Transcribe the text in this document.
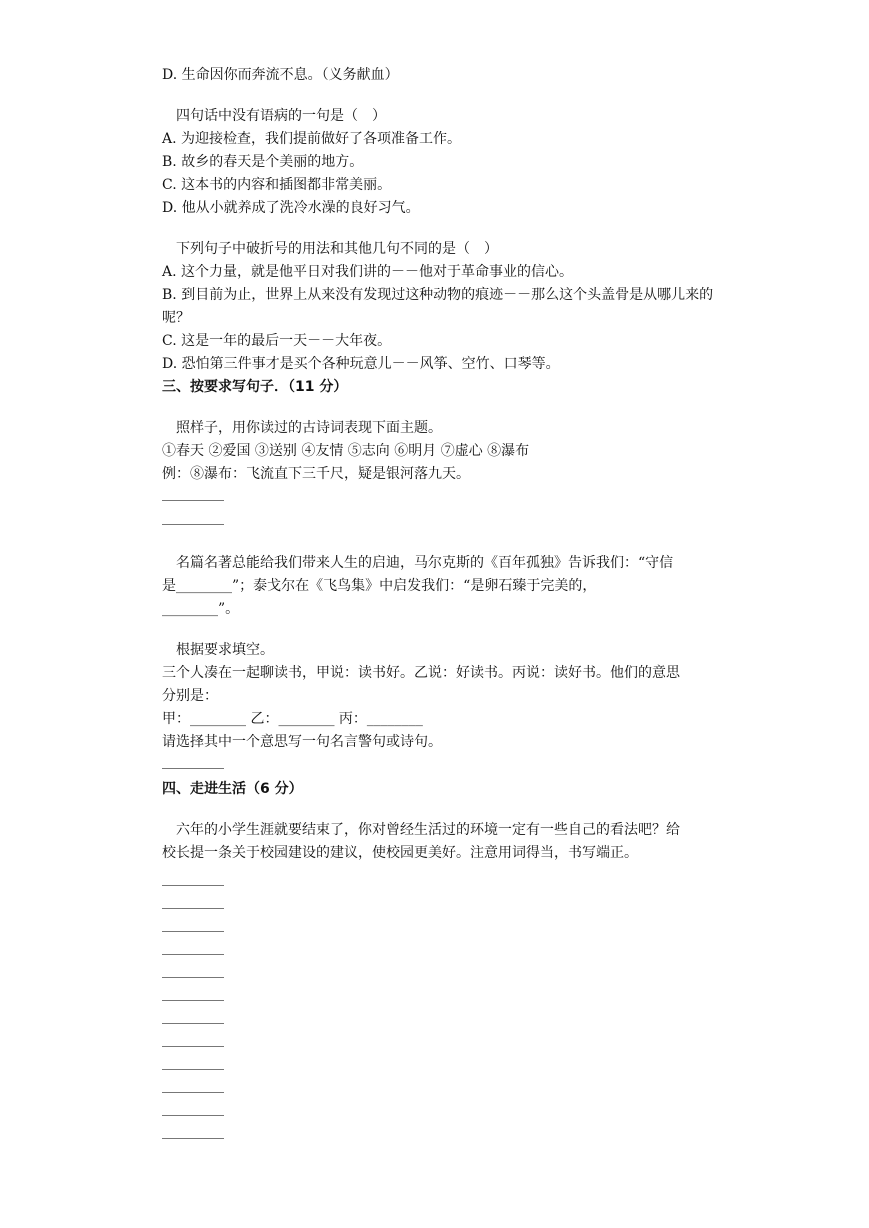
D. 生命因你而奔流不息。（义务献血）
四句话中没有语病的一句是（　）
A. 为迎接检查，我们提前做好了各项准备工作。
B. 故乡的春天是个美丽的地方。
C. 这本书的内容和插图都非常美丽。
D. 他从小就养成了洗冷水澡的良好习气。
下列句子中破折号的用法和其他几句不同的是（　）
A. 这个力量，就是他平日对我们讲的－－他对于革命事业的信心。
B. 到目前为止，世界上从来没有发现过这种动物的痕迹－－那么这个头盖骨是从哪儿来的呢？
C. 这是一年的最后一天－－大年夜。
D. 恐怕第三件事才是买个各种玩意儿－－风筝、空竹、口琴等。
三、按要求写句子．（11 分）
照样子，用你读过的古诗词表现下面主题。
①春天 ②爱国 ③送别 ④友情 ⑤志向 ⑥明月 ⑦虚心 ⑧瀑布
例：⑧瀑布：飞流直下三千尺，疑是银河落九天。
名篇名著总能给我们带来人生的启迪，马尔克斯的《百年孤独》告诉我们：“守信
是________”；泰戈尔在《飞鸟集》中启发我们：“是卵石臻于完美的，
________”。
根据要求填空。
三个人凑在一起聊读书，甲说：读书好。乙说：好读书。丙说：读好书。他们的意思
分别是：
甲：________ 乙：________ 丙：________
请选择其中一个意思写一句名言警句或诗句。
四、走进生活（6 分）
六年的小学生涯就要结束了，你对曾经生活过的环境一定有一些自己的看法吧？给
校长提一条关于校园建设的建议，使校园更美好。注意用词得当，书写端正。
